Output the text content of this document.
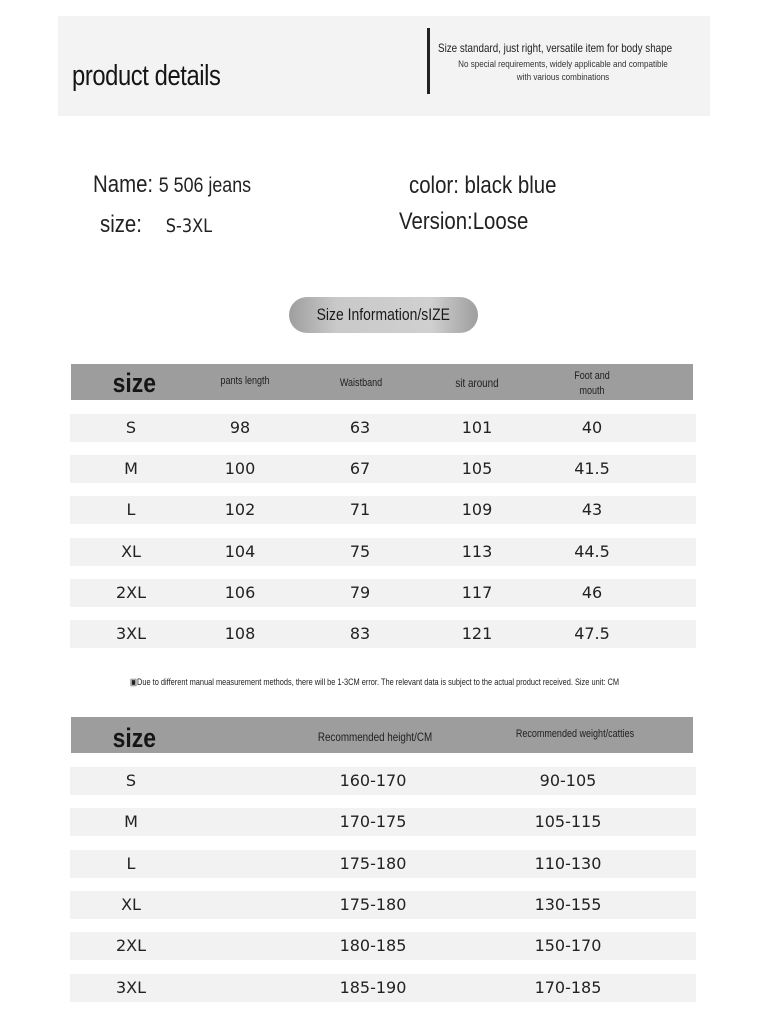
product details
Size standard, just right, versatile item for body shape
No special requirements, widely applicable and compatible with various combinations
Name: 5 506 jeans
size: S-3XL
color: black blue
Version:Loose
Size Information/sIZE
size	pants length	Waistband	sit around	Foot and mouth
S	98	63	101	40
M	100	67	105	41.5
L	102	71	109	43
XL	104	75	113	44.5
2XL	106	79	117	46
3XL	108	83	121	47.5
▣Due to different manual measurement methods, there will be 1-3CM error. The relevant data is subject to the actual product received. Size unit: CM
size	Recommended height/CM	Recommended weight/catties
S	160-170	90-105
M	170-175	105-115
L	175-180	110-130
XL	175-180	130-155
2XL	180-185	150-170
3XL	185-190	170-185
